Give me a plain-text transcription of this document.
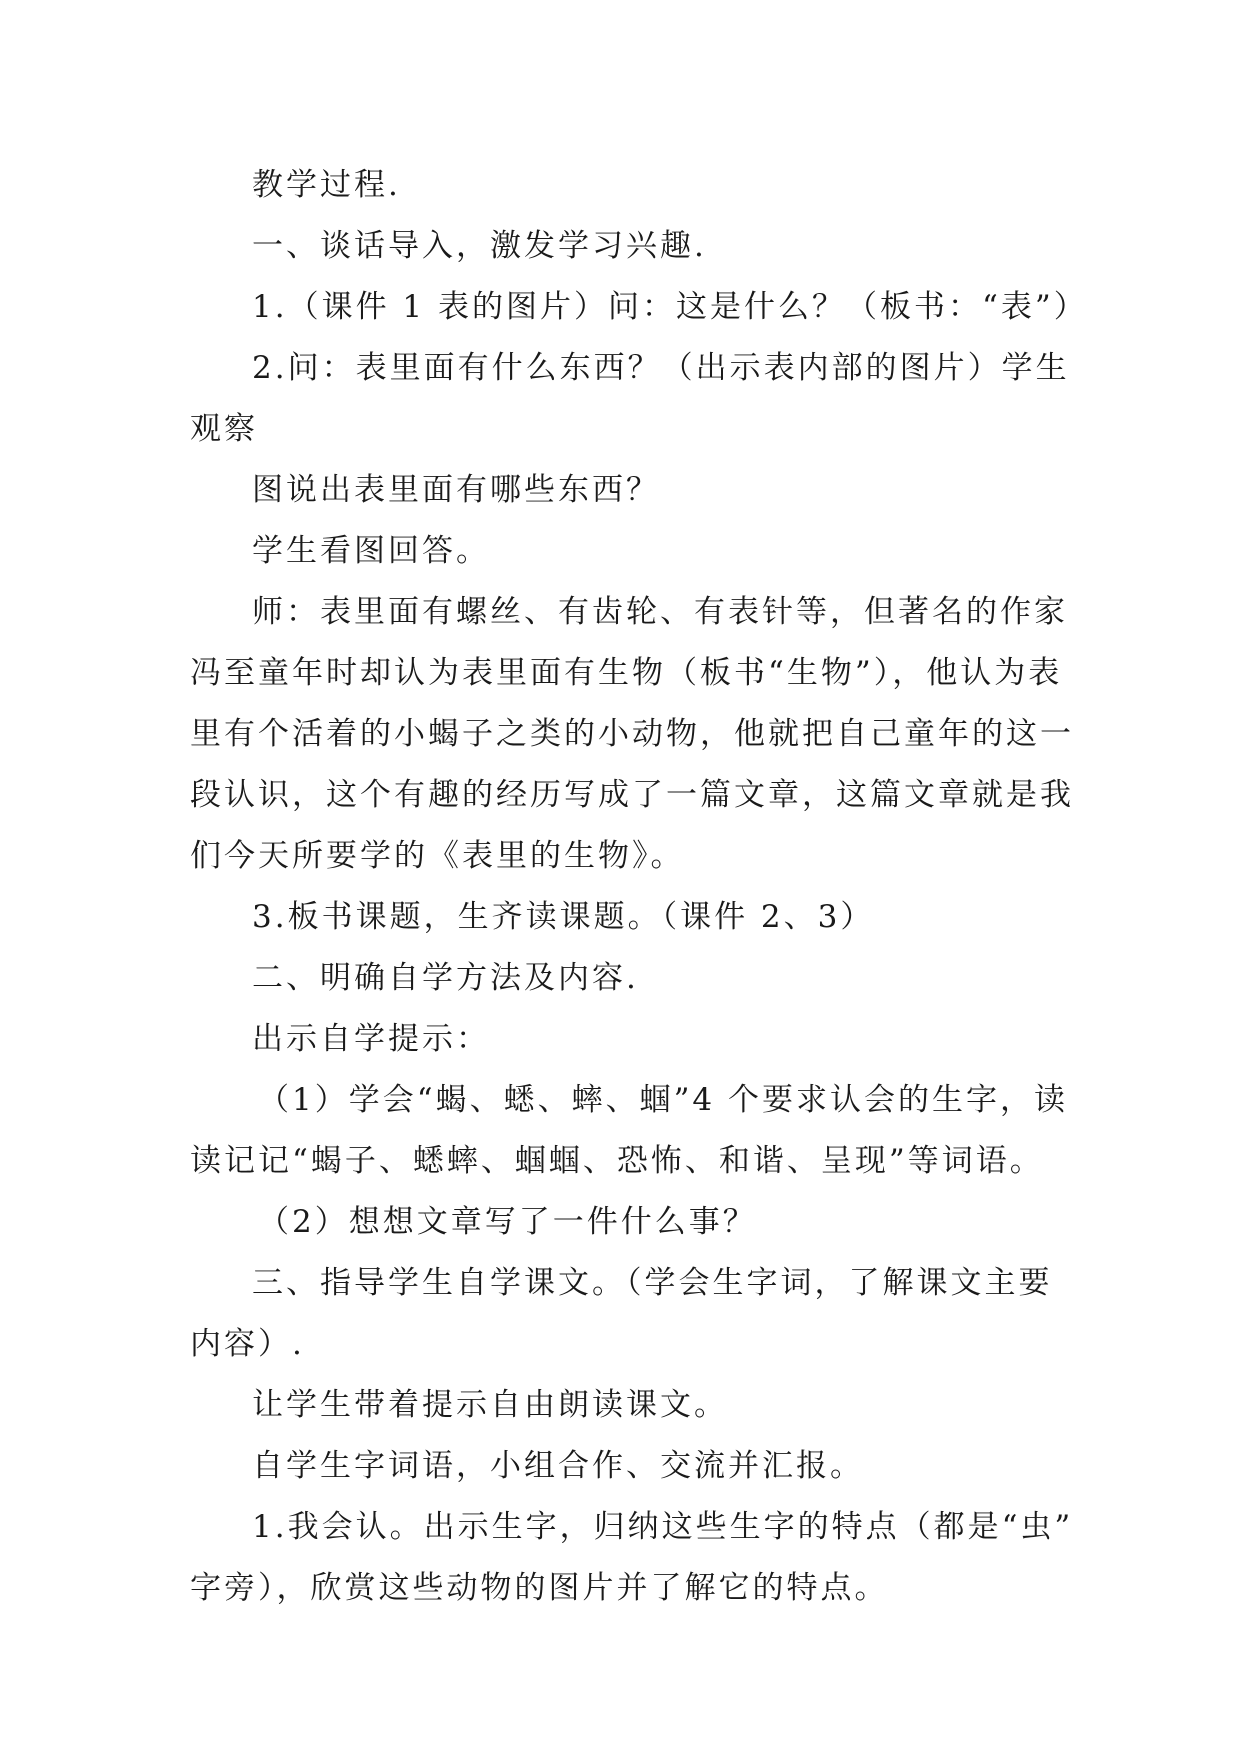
教学过程.
一、谈话导入，激发学习兴趣.
1.（课件 1 表的图片）问：这是什么？（板书：“表”）
2.问：表里面有什么东西？（出示表内部的图片）学生
观察
图说出表里面有哪些东西？
学生看图回答。
师：表里面有螺丝、有齿轮、有表针等，但著名的作家
冯至童年时却认为表里面有生物（板书“生物”），他认为表
里有个活着的小蝎子之类的小动物，他就把自己童年的这一
段认识，这个有趣的经历写成了一篇文章，这篇文章就是我
们今天所要学的《表里的生物》。
3.板书课题，生齐读课题。（课件 2、3）
二、明确自学方法及内容.
出示自学提示：
（1）学会“蝎、蟋、蟀、蝈”4 个要求认会的生字，读
读记记“蝎子、蟋蟀、蝈蝈、恐怖、和谐、呈现”等词语。
（2）想想文章写了一件什么事？
三、指导学生自学课文。（学会生字词，了解课文主要
内容）.
让学生带着提示自由朗读课文。
自学生字词语，小组合作、交流并汇报。
1.我会认。出示生字，归纳这些生字的特点（都是“虫”
字旁），欣赏这些动物的图片并了解它的特点。
